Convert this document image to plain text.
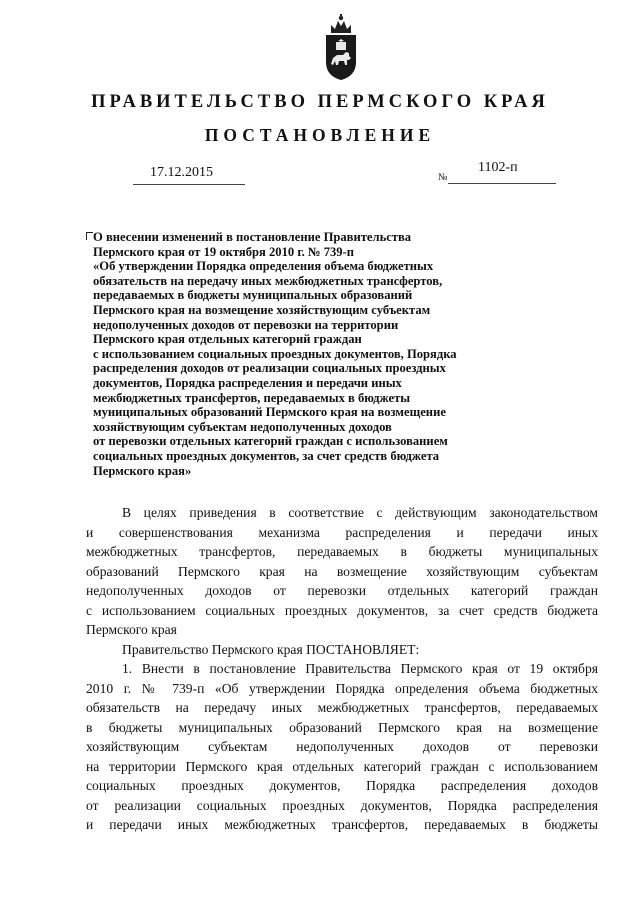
ПРАВИТЕЛЬСТВО ПЕРМСКОГО КРАЯ
ПОСТАНОВЛЕНИЕ
17.12.2015	№
1102-п
О внесении изменений в постановление Правительства
Пермского края от 19 октября 2010 г. № 739-п
«Об утверждении Порядка определения объема бюджетных
обязательств на передачу иных межбюджетных трансфертов,
передаваемых в бюджеты муниципальных образований
Пермского края на возмещение хозяйствующим субъектам
недополученных доходов от перевозки на территории
Пермского края отдельных категорий граждан
с использованием социальных проездных документов, Порядка
распределения доходов от реализации социальных проездных
документов, Порядка распределения и передачи иных
межбюджетных трансфертов, передаваемых в бюджеты
муниципальных образований Пермского края на возмещение
хозяйствующим субъектам недополученных доходов
от перевозки отдельных категорий граждан с использованием
социальных проездных документов, за счет средств бюджета
Пермского края»
В целях приведения в соответствие с действующим законодательством
и совершенствования механизма распределения и передачи иных
межбюджетных трансфертов, передаваемых в бюджеты муниципальных
образований Пермского края на возмещение хозяйствующим субъектам
недополученных доходов от перевозки отдельных категорий граждан
с использованием социальных проездных документов, за счет средств бюджета
Пермского края
Правительство Пермского края ПОСТАНОВЛЯЕТ:
1. Внести в постановление Правительства Пермского края от 19 октября
2010 г. № 739-п «Об утверждении Порядка определения объема бюджетных
обязательств на передачу иных межбюджетных трансфертов, передаваемых
в бюджеты муниципальных образований Пермского края на возмещение
хозяйствующим субъектам недополученных доходов от перевозки
на территории Пермского края отдельных категорий граждан с использованием
социальных проездных документов, Порядка распределения доходов
от реализации социальных проездных документов, Порядка распределения
и передачи иных межбюджетных трансфертов, передаваемых в бюджеты
